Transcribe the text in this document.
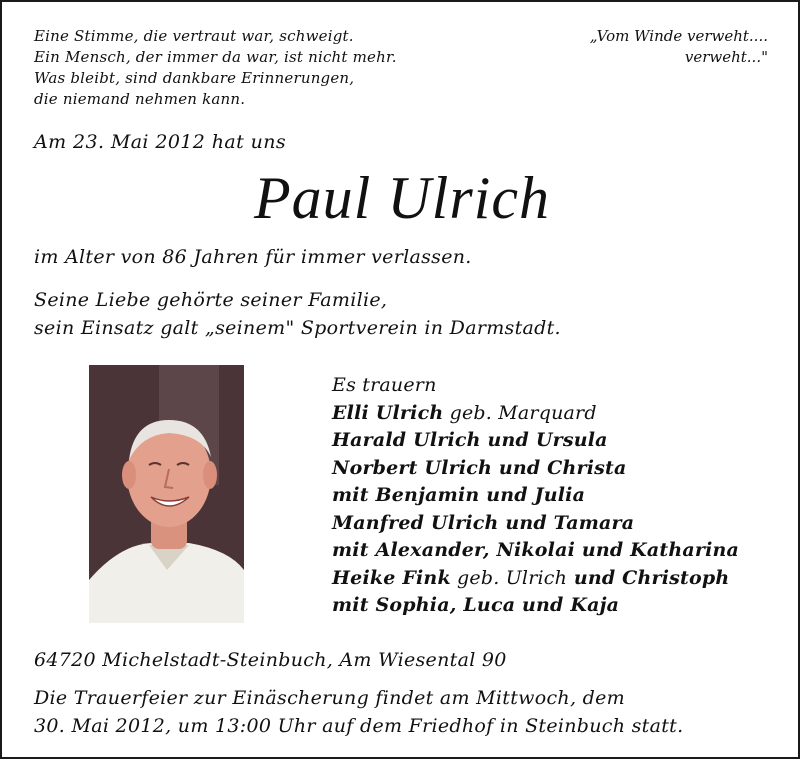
Eine Stimme, die vertraut war, schweigt.
Ein Mensch, der immer da war, ist nicht mehr.
Was bleibt, sind dankbare Erinnerungen,
die niemand nehmen kann.
„Vom Winde verweht....
verweht..."
Am 23. Mai 2012 hat uns
Paul Ulrich
im Alter von 86 Jahren für immer verlassen.
Seine Liebe gehörte seiner Familie,
sein Einsatz galt „seinem" Sportverein in Darmstadt.
Es trauern
Elli Ulrich geb. Marquard
Harald Ulrich und Ursula
Norbert Ulrich und Christa
mit Benjamin und Julia
Manfred Ulrich und Tamara
mit Alexander, Nikolai und Katharina
Heike Fink geb. Ulrich und Christoph
mit Sophia, Luca und Kaja
64720 Michelstadt-Steinbuch, Am Wiesental 90
Die Trauerfeier zur Einäscherung findet am Mittwoch, dem
30. Mai 2012, um 13:00 Uhr auf dem Friedhof in Steinbuch statt.
